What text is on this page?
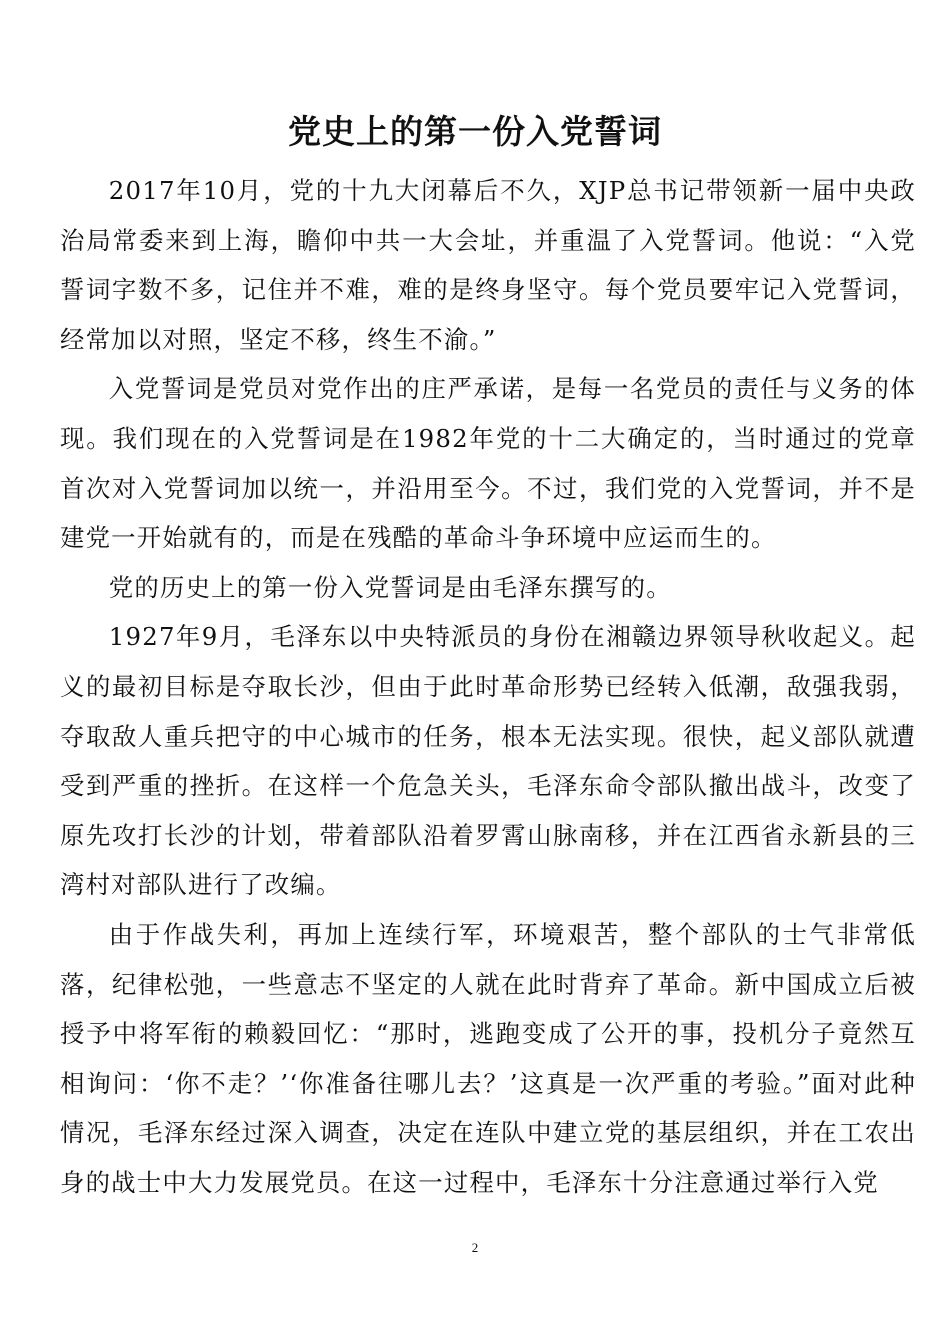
党史上的第一份入党誓词

2017年10月，党的十九大闭幕后不久，XJP总书记带领新一届中央政治局常委来到上海，瞻仰中共一大会址，并重温了入党誓词。他说：“入党誓词字数不多，记住并不难，难的是终身坚守。每个党员要牢记入党誓词，经常加以对照，坚定不移，终生不渝。”

入党誓词是党员对党作出的庄严承诺，是每一名党员的责任与义务的体现。我们现在的入党誓词是在1982年党的十二大确定的，当时通过的党章首次对入党誓词加以统一，并沿用至今。不过，我们党的入党誓词，并不是建党一开始就有的，而是在残酷的革命斗争环境中应运而生的。

党的历史上的第一份入党誓词是由毛泽东撰写的。

1927年9月，毛泽东以中央特派员的身份在湘赣边界领导秋收起义。起义的最初目标是夺取长沙，但由于此时革命形势已经转入低潮，敌强我弱，夺取敌人重兵把守的中心城市的任务，根本无法实现。很快，起义部队就遭受到严重的挫折。在这样一个危急关头，毛泽东命令部队撤出战斗，改变了原先攻打长沙的计划，带着部队沿着罗霄山脉南移，并在江西省永新县的三湾村对部队进行了改编。

由于作战失利，再加上连续行军，环境艰苦，整个部队的士气非常低落，纪律松弛，一些意志不坚定的人就在此时背弃了革命。新中国成立后被授予中将军衔的赖毅回忆：“那时，逃跑变成了公开的事，投机分子竟然互相询问：‘你不走？’‘你准备往哪儿去？’这真是一次严重的考验。”面对此种情况，毛泽东经过深入调查，决定在连队中建立党的基层组织，并在工农出身的战士中大力发展党员。在这一过程中，毛泽东十分注意通过举行入党

2
